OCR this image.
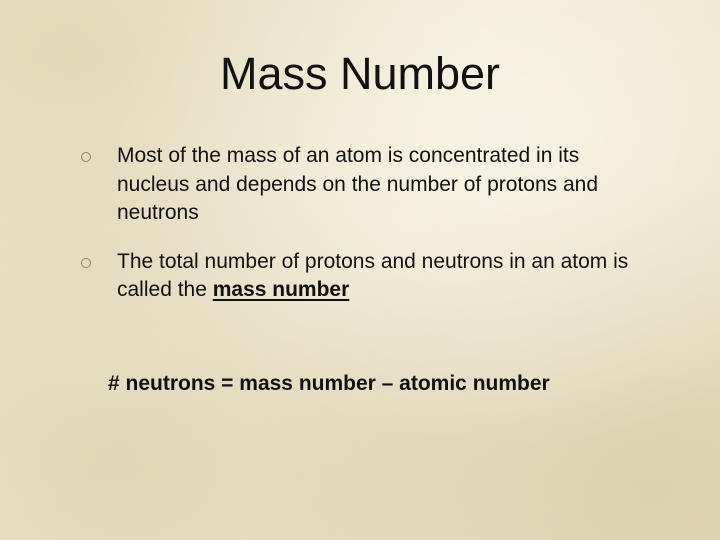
Mass Number
Most of the mass of an atom is concentrated in its nucleus and depends on the number of protons and neutrons
The total number of protons and neutrons in an atom is called the mass number
# neutrons = mass number – atomic number
